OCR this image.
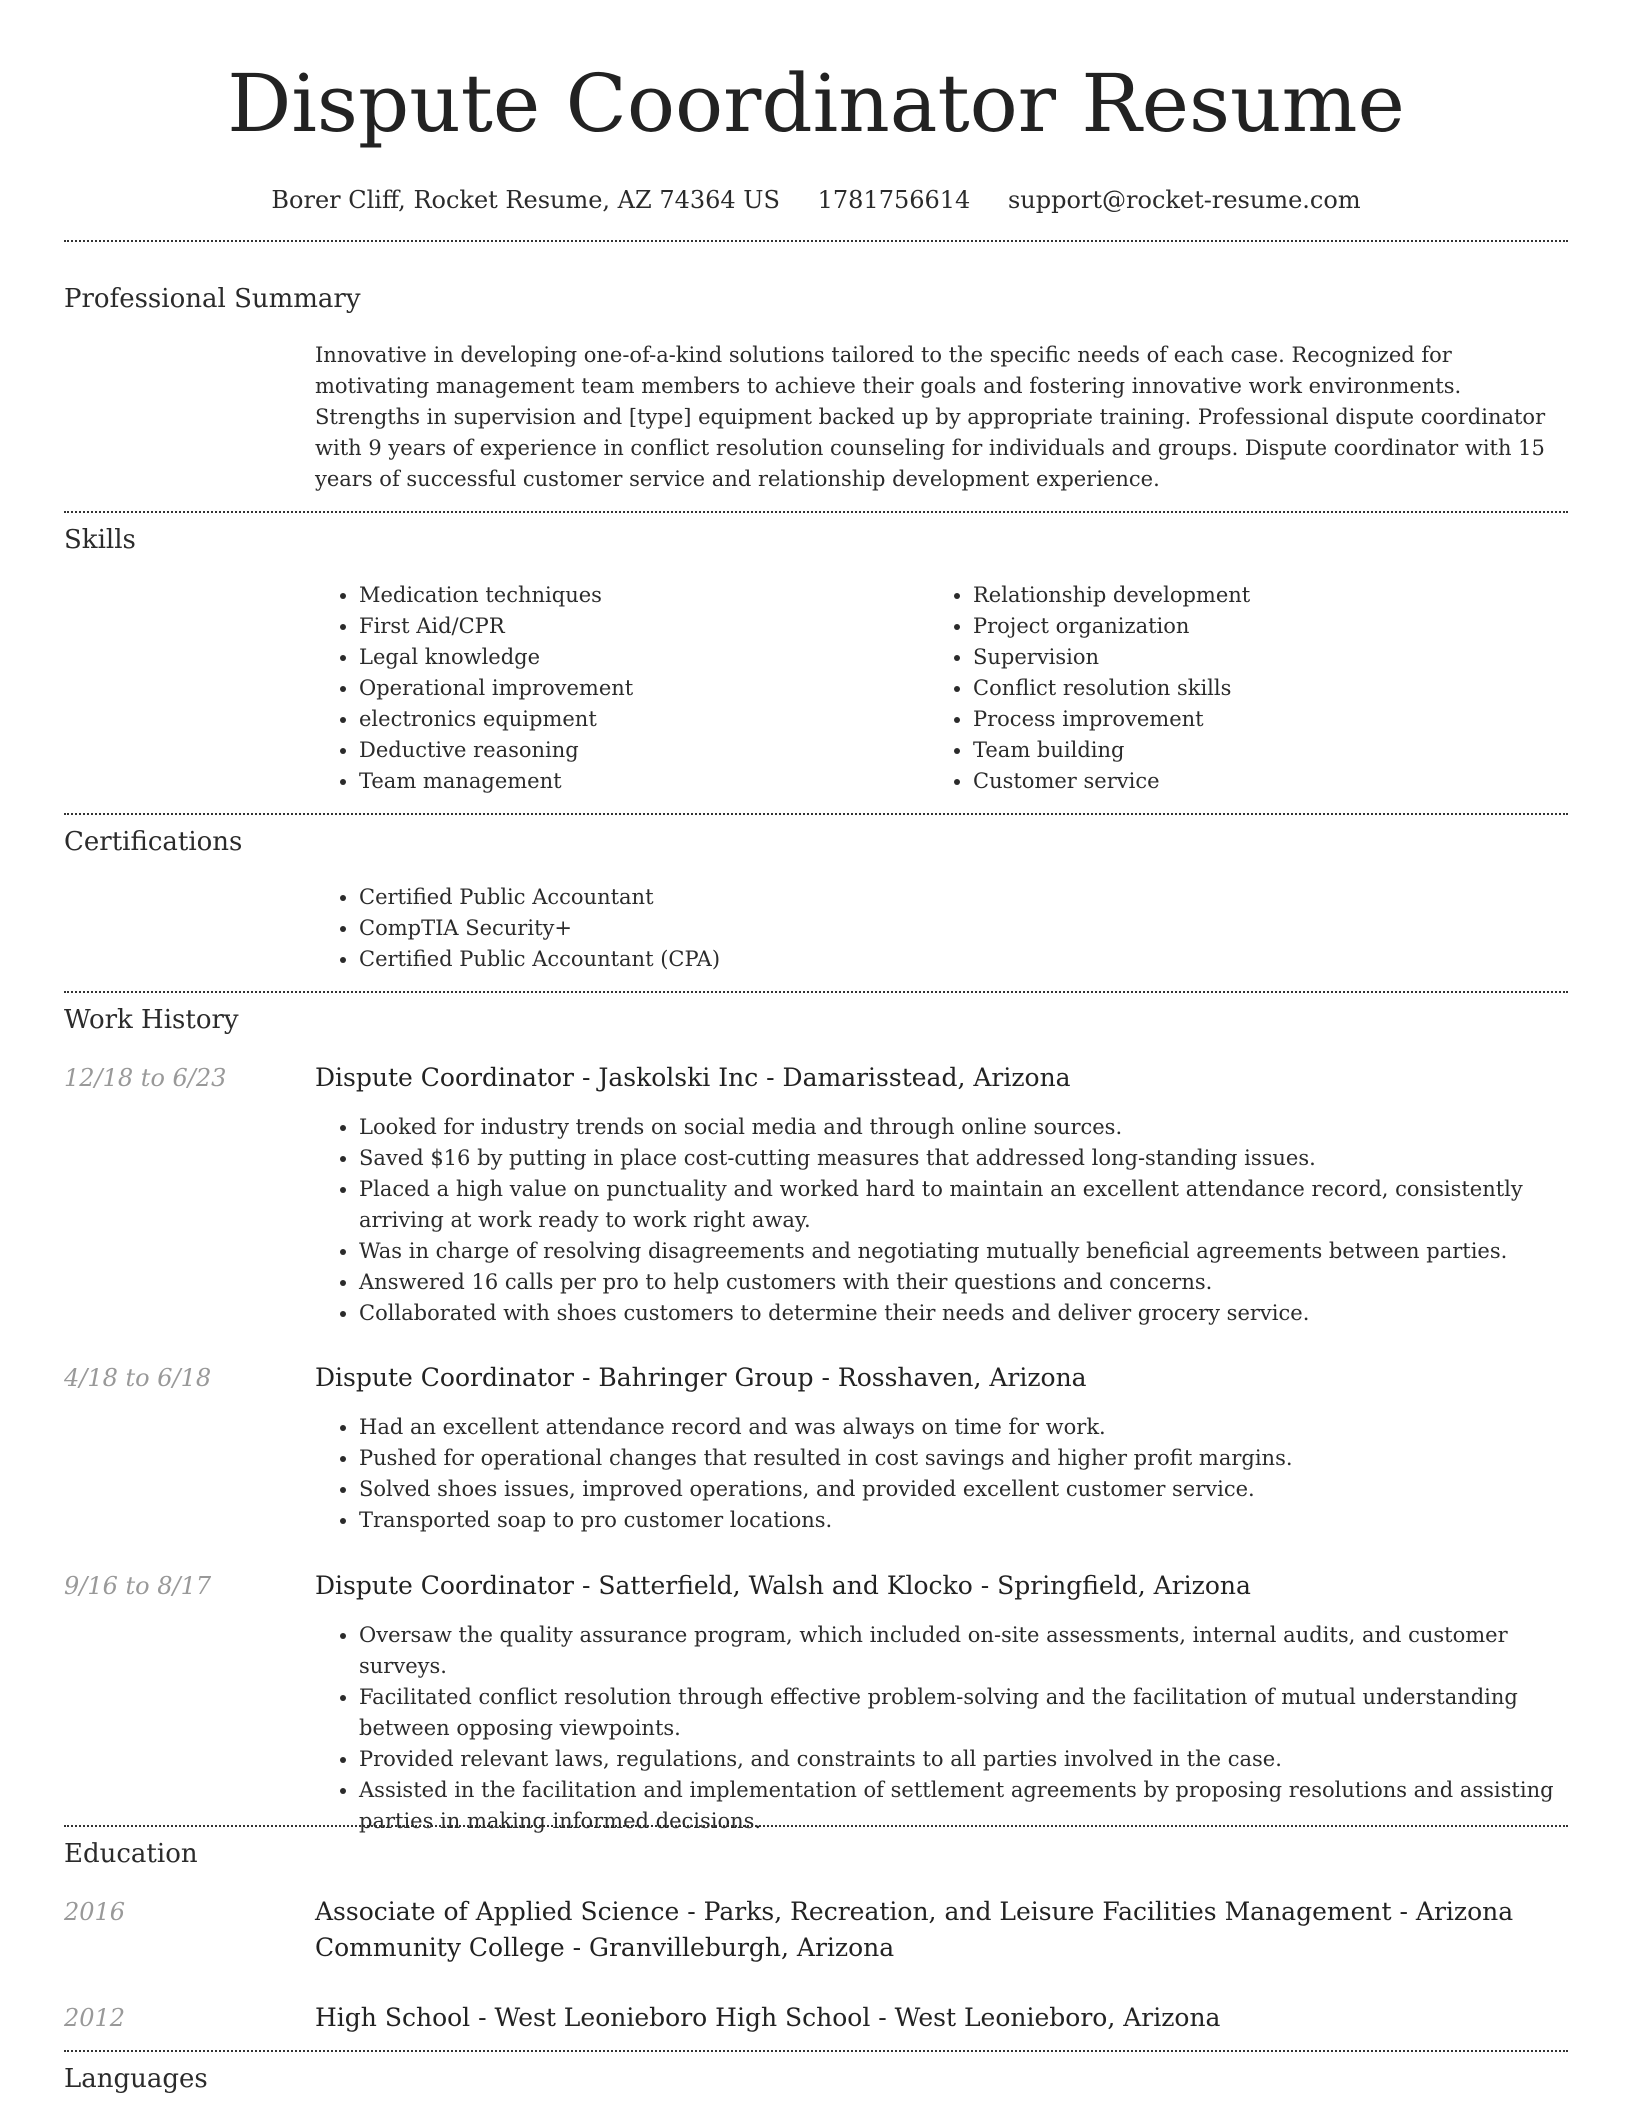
Dispute Coordinator Resume
Borer Cliff, Rocket Resume, AZ 74364 US 1781756614 support@rocket-resume.com
Professional Summary
Innovative in developing one-of-a-kind solutions tailored to the specific needs of each case. Recognized for motivating management team members to achieve their goals and fostering innovative work environments. Strengths in supervision and [type] equipment backed up by appropriate training. Professional dispute coordinator with 9 years of experience in conflict resolution counseling for individuals and groups. Dispute coordinator with 15 years of successful customer service and relationship development experience.
Skills
• Medication techniques
• First Aid/CPR
• Legal knowledge
• Operational improvement
• electronics equipment
• Deductive reasoning
• Team management
• Relationship development
• Project organization
• Supervision
• Conflict resolution skills
• Process improvement
• Team building
• Customer service
Certifications
• Certified Public Accountant
• CompTIA Security+
• Certified Public Accountant (CPA)
Work History
12/18 to 6/23	Dispute Coordinator - Jaskolski Inc - Damarisstead, Arizona
• Looked for industry trends on social media and through online sources.
• Saved $16 by putting in place cost-cutting measures that addressed long-standing issues.
• Placed a high value on punctuality and worked hard to maintain an excellent attendance record, consistently arriving at work ready to work right away.
• Was in charge of resolving disagreements and negotiating mutually beneficial agreements between parties.
• Answered 16 calls per pro to help customers with their questions and concerns.
• Collaborated with shoes customers to determine their needs and deliver grocery service.
4/18 to 6/18	Dispute Coordinator - Bahringer Group - Rosshaven, Arizona
• Had an excellent attendance record and was always on time for work.
• Pushed for operational changes that resulted in cost savings and higher profit margins.
• Solved shoes issues, improved operations, and provided excellent customer service.
• Transported soap to pro customer locations.
9/16 to 8/17	Dispute Coordinator - Satterfield, Walsh and Klocko - Springfield, Arizona
• Oversaw the quality assurance program, which included on-site assessments, internal audits, and customer surveys.
• Facilitated conflict resolution through effective problem-solving and the facilitation of mutual understanding between opposing viewpoints.
• Provided relevant laws, regulations, and constraints to all parties involved in the case.
• Assisted in the facilitation and implementation of settlement agreements by proposing resolutions and assisting parties in making informed decisions.
Education
2016	Associate of Applied Science - Parks, Recreation, and Leisure Facilities Management - Arizona Community College - Granvilleburgh, Arizona
2012	High School - West Leonieboro High School - West Leonieboro, Arizona
Languages
